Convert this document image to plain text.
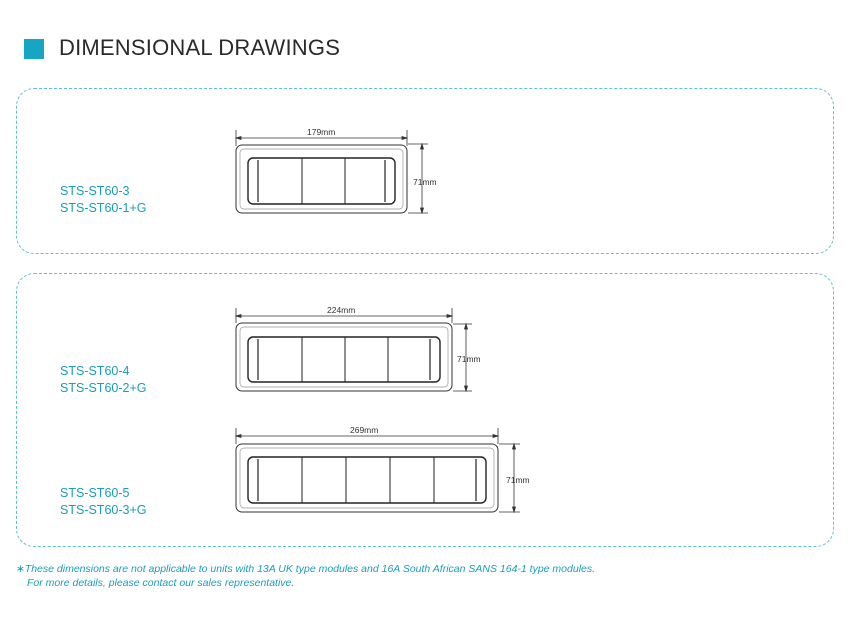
DIMENSIONAL DRAWINGS
STS-ST60-3
STS-ST60-1+G
STS-ST60-4
STS-ST60-2+G
STS-ST60-5
STS-ST60-3+G
179mm
71mm
224mm
71mm
269mm
71mm
∗These dimensions are not applicable to units with 13A UK type modules and 16A South African SANS 164-1 type modules.
For more details, please contact our sales representative.
